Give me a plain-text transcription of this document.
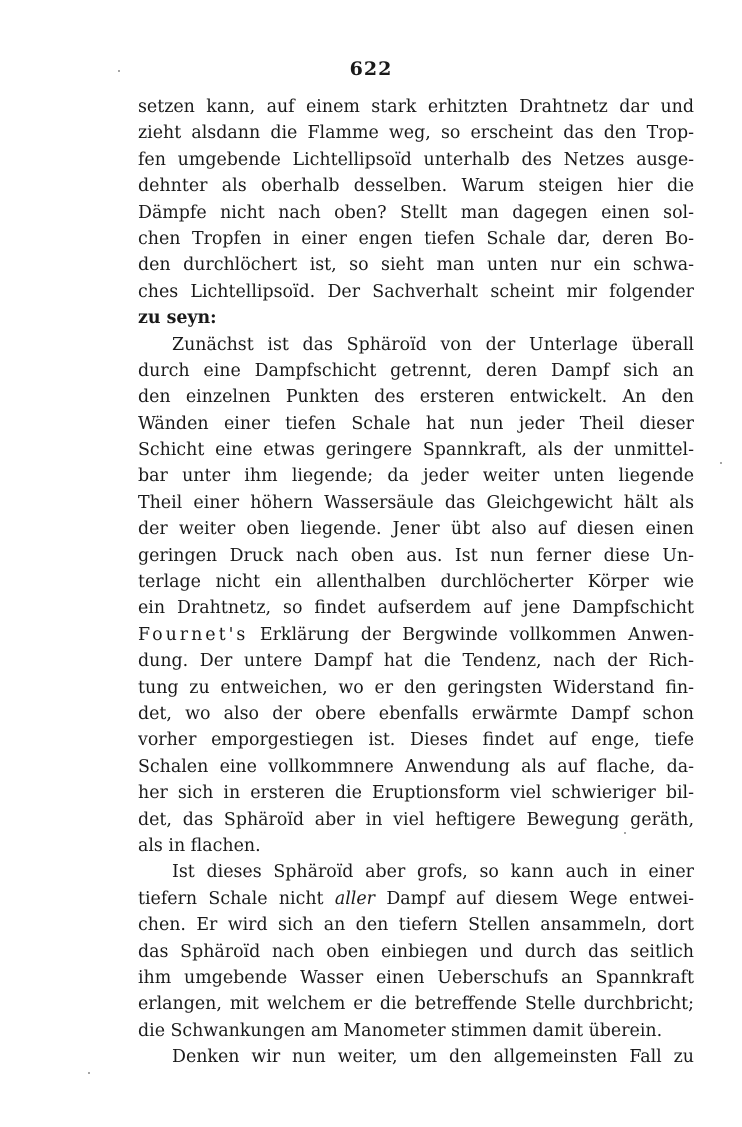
622
setzen kann, auf einem stark erhitzten Drahtnetz dar und
zieht alsdann die Flamme weg, so erscheint das den Trop-
fen umgebende Lichtellipsoïd unterhalb des Netzes ausge-
dehnter als oberhalb desselben. Warum steigen hier die
Dämpfe nicht nach oben? Stellt man dagegen einen sol-
chen Tropfen in einer engen tiefen Schale dar, deren Bo-
den durchlöchert ist, so sieht man unten nur ein schwa-
ches Lichtellipsoïd. Der Sachverhalt scheint mir folgender
zu seyn:
Zunächst ist das Sphäroïd von der Unterlage überall
durch eine Dampfschicht getrennt, deren Dampf sich an
den einzelnen Punkten des ersteren entwickelt. An den
Wänden einer tiefen Schale hat nun jeder Theil dieser
Schicht eine etwas geringere Spannkraft, als der unmittel-
bar unter ihm liegende; da jeder weiter unten liegende
Theil einer höhern Wassersäule das Gleichgewicht hält als
der weiter oben liegende. Jener übt also auf diesen einen
geringen Druck nach oben aus. Ist nun ferner diese Un-
terlage nicht ein allenthalben durchlöcherter Körper wie
ein Drahtnetz, so findet aufserdem auf jene Dampfschicht
Fournet's Erklärung der Bergwinde vollkommen Anwen-
dung. Der untere Dampf hat die Tendenz, nach der Rich-
tung zu entweichen, wo er den geringsten Widerstand fin-
det, wo also der obere ebenfalls erwärmte Dampf schon
vorher emporgestiegen ist. Dieses findet auf enge, tiefe
Schalen eine vollkommnere Anwendung als auf flache, da-
her sich in ersteren die Eruptionsform viel schwieriger bil-
det, das Sphäroïd aber in viel heftigere Bewegung geräth,
als in flachen.
Ist dieses Sphäroïd aber grofs, so kann auch in einer
tiefern Schale nicht aller Dampf auf diesem Wege entwei-
chen. Er wird sich an den tiefern Stellen ansammeln, dort
das Sphäroïd nach oben einbiegen und durch das seitlich
ihm umgebende Wasser einen Ueberschufs an Spannkraft
erlangen, mit welchem er die betreffende Stelle durchbricht;
die Schwankungen am Manometer stimmen damit überein.
Denken wir nun weiter, um den allgemeinsten Fall zu
